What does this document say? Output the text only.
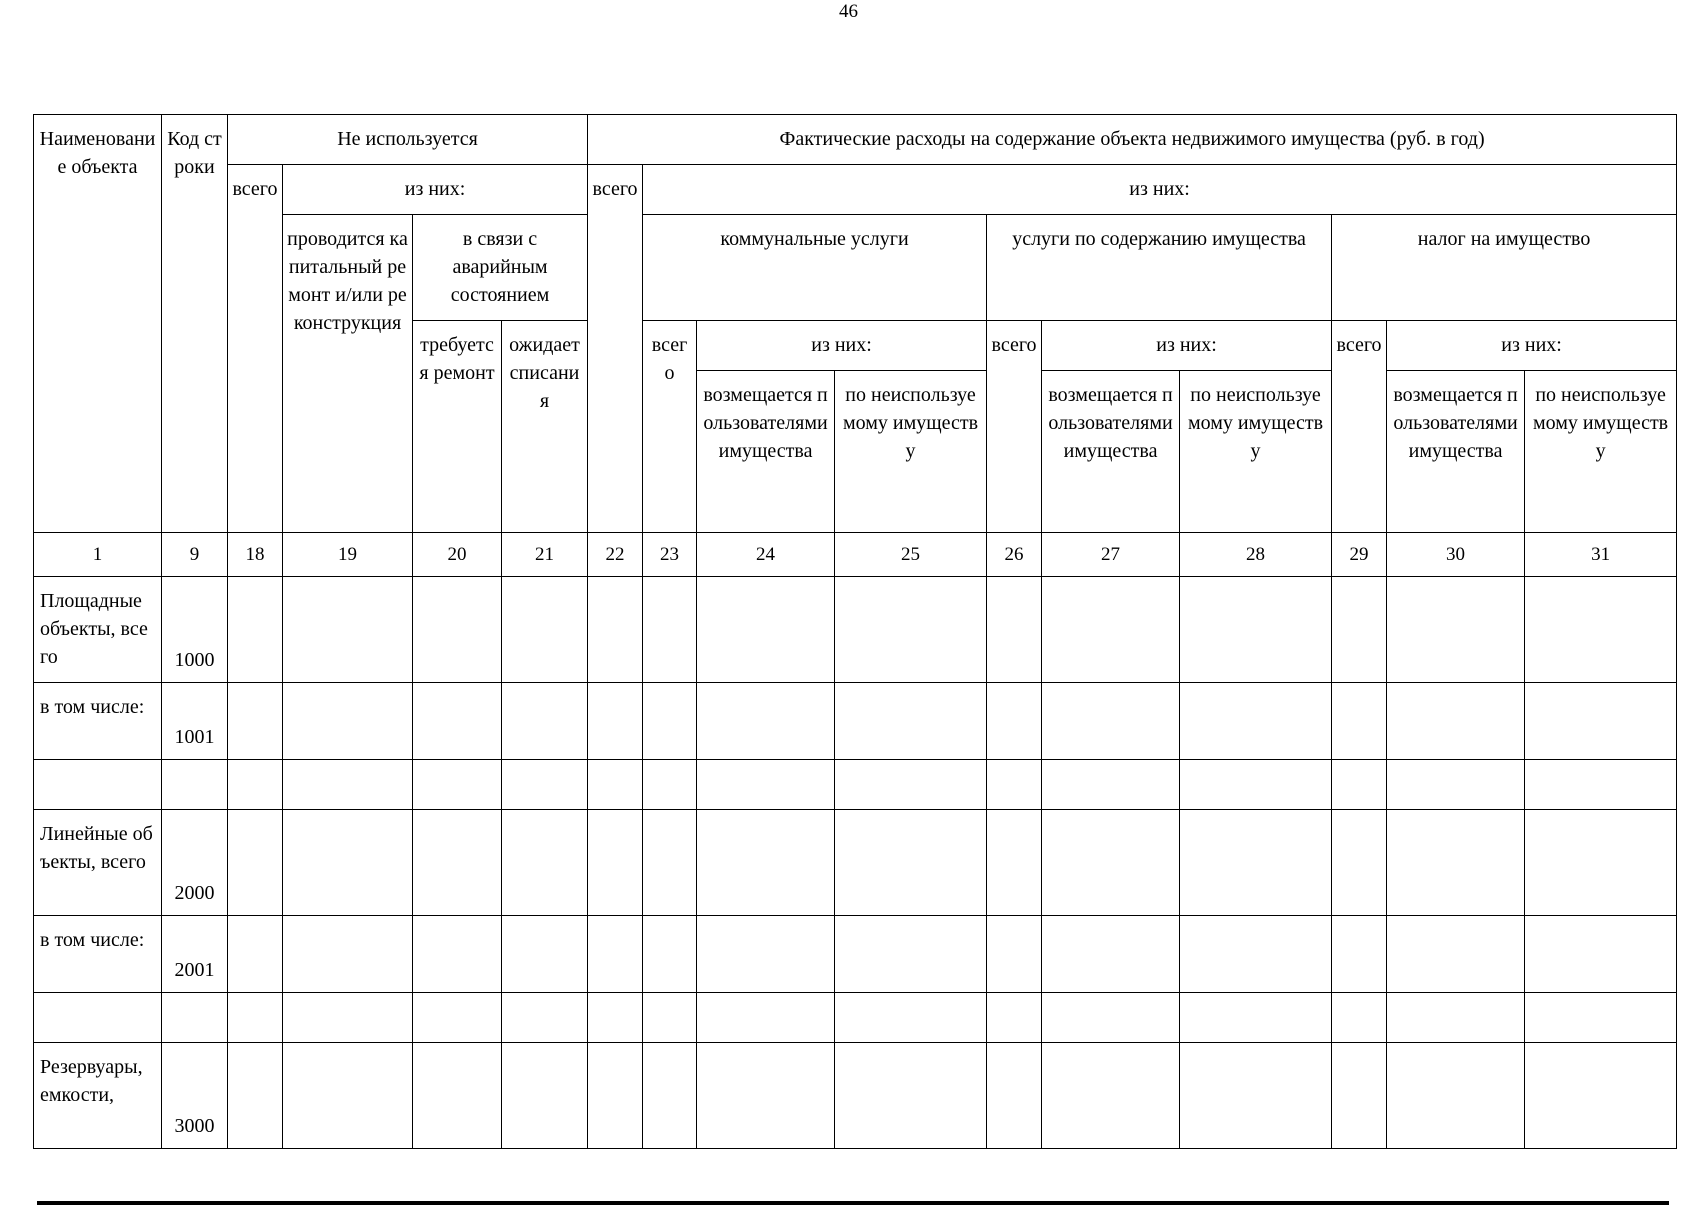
46
Наименование объекта	Код строки	Не используется				Фактические расходы на содержание объекта недвижимого имущества (руб. в год)									
		всего	из них:			всего	из них:								
			проводится капитальный ремонт и/или реконструкция	в связи с аварийным состоянием			коммунальные услуги			услуги по содержанию имущества			налог на имущество		
				требуется ремонт	ожидает списания		всего	из них:		всего	из них:		всего	из них:	
								возмещается пользователями имущества	по неиспользуемому имуществу		возмещается пользователями имущества	по неиспользуемому имуществу		возмещается пользователями имущества	по неиспользуемому имуществу
1	9	18	19	20	21	22	23	24	25	26	27	28	29	30	31
Площадные объекты, всего	1000														
в том числе:	1001														

Линейные объекты, всего	2000														
в том числе:	2001														

Резервуары, емкости,	3000														
